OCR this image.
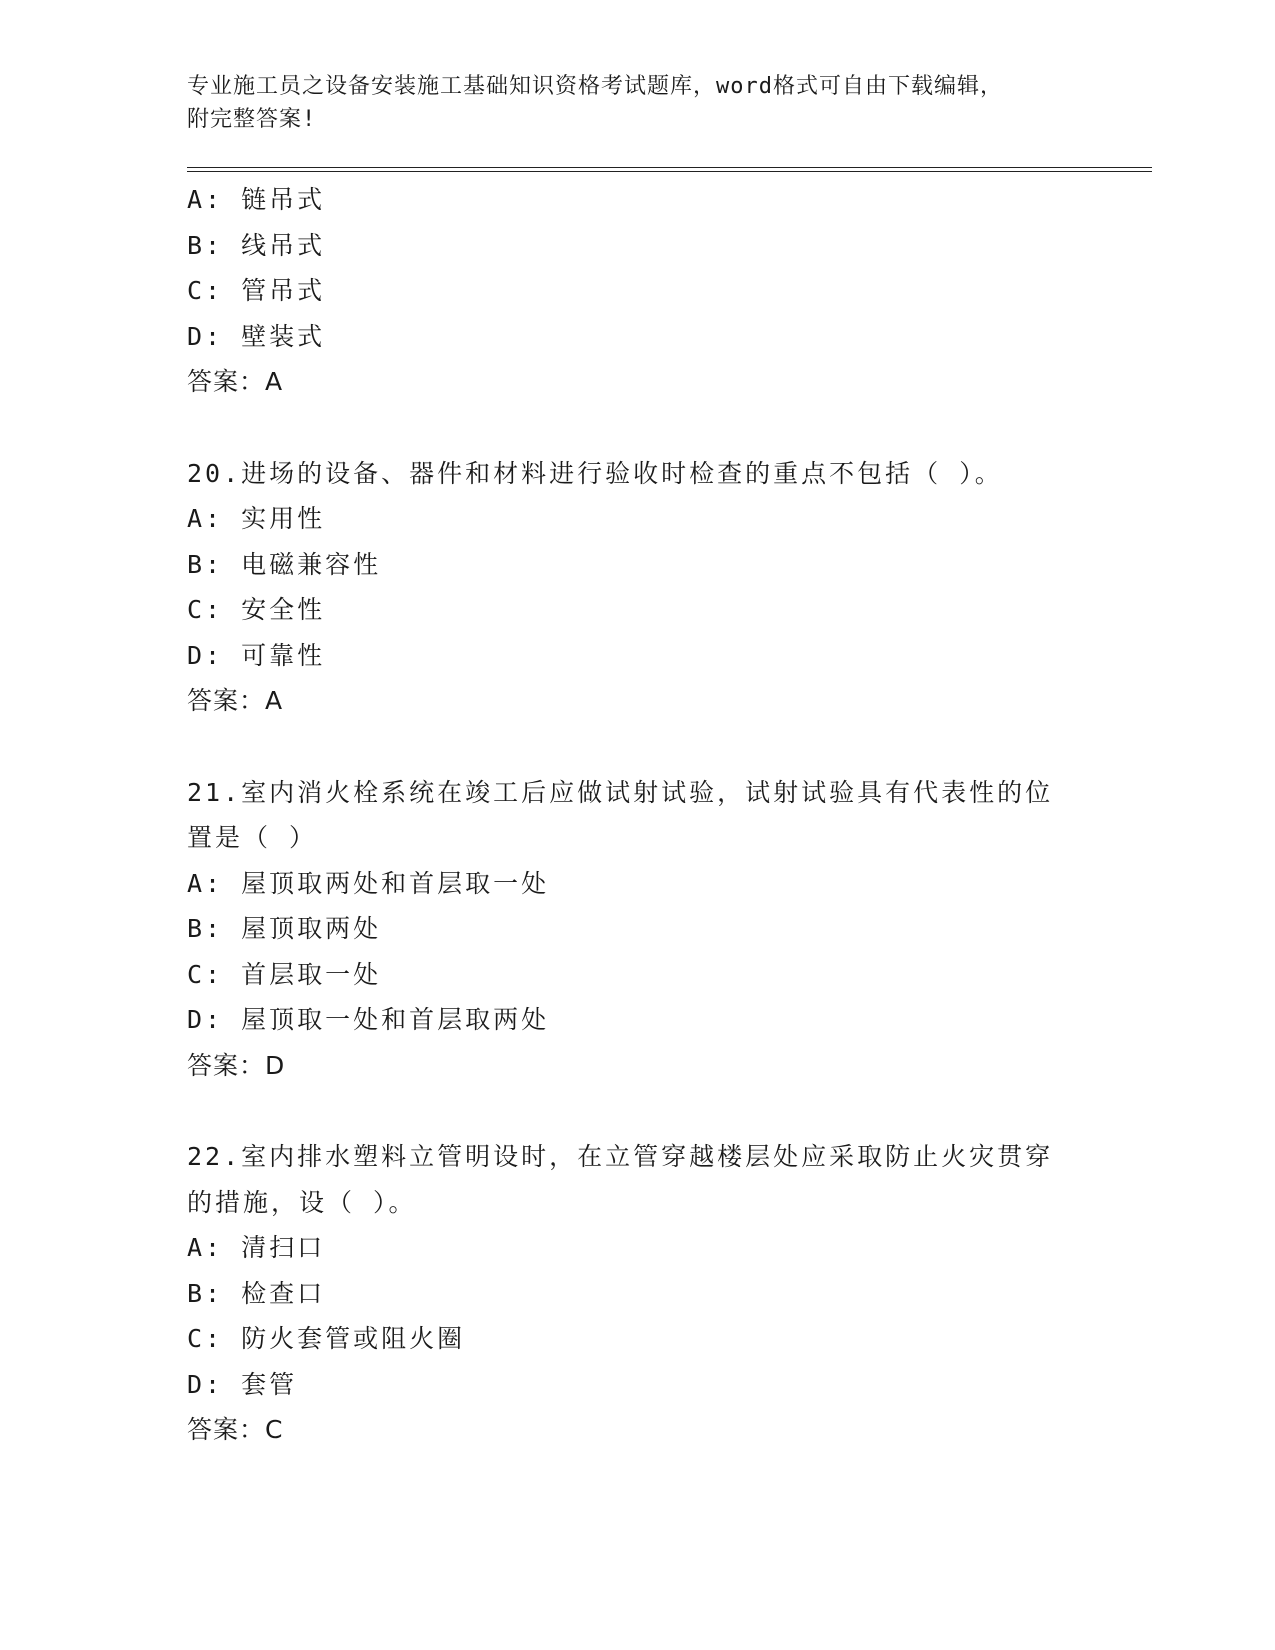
专业施工员之设备安装施工基础知识资格考试题库，word格式可自由下载编辑，
附完整答案!

A: 链吊式
B: 线吊式
C: 管吊式
D: 壁装式
答案：A
20.进场的设备、器件和材料进行验收时检查的重点不包括（ ）。
A: 实用性
B: 电磁兼容性
C: 安全性
D: 可靠性
答案：A
21.室内消火栓系统在竣工后应做试射试验，试射试验具有代表性的位
置是（ ）
A: 屋顶取两处和首层取一处
B: 屋顶取两处
C: 首层取一处
D: 屋顶取一处和首层取两处
答案：D
22.室内排水塑料立管明设时，在立管穿越楼层处应采取防止火灾贯穿
的措施，设（ ）。
A: 清扫口
B: 检查口
C: 防火套管或阻火圈
D: 套管
答案：C
